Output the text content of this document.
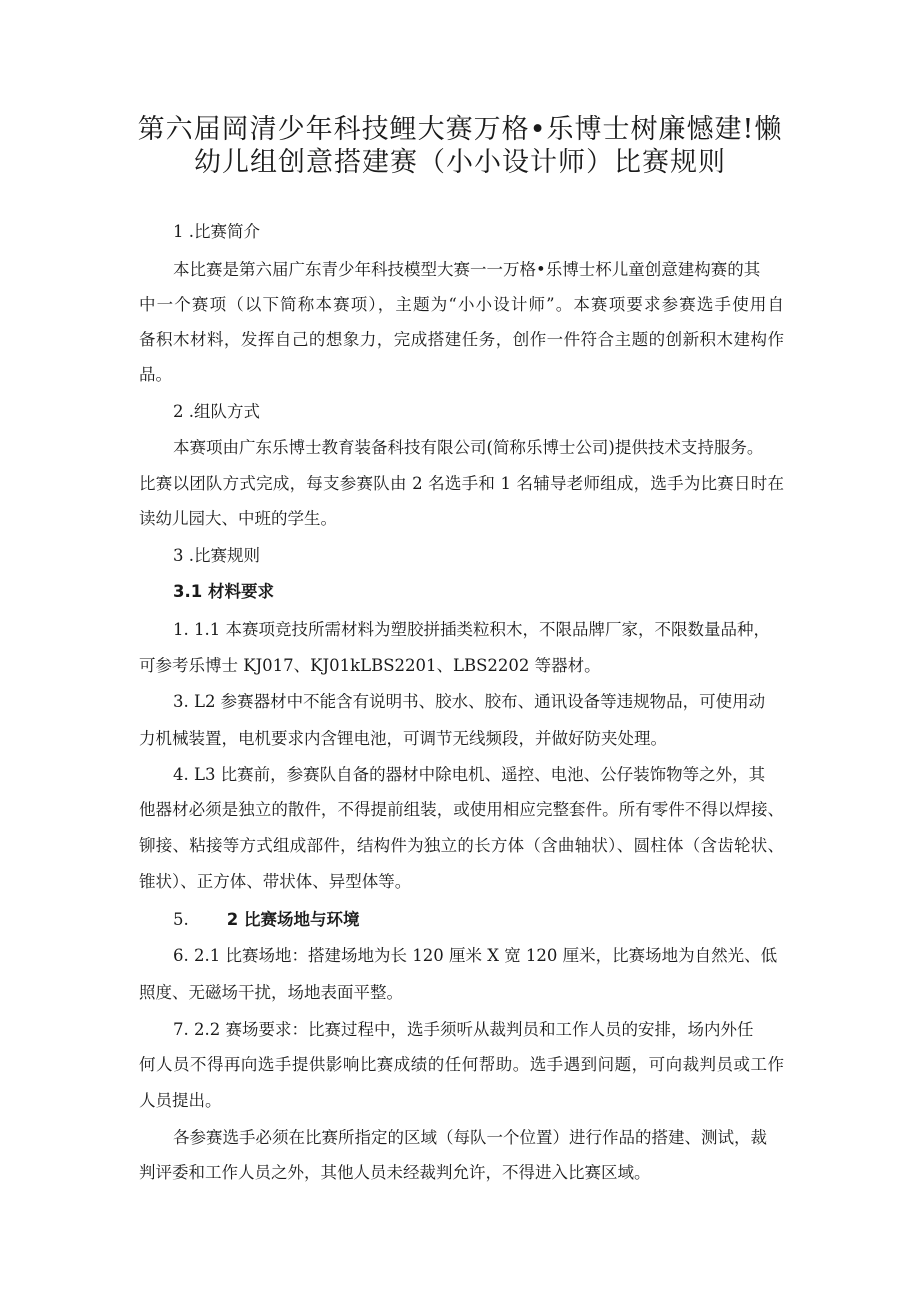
第六届岡清少年科技鲤大赛万格•乐博士树廉憾建!懒
幼儿组创意搭建赛（小小设计师）比赛规则

1 .比赛简介

本比赛是第六届广东青少年科技模型大赛一一万格•乐博士杯儿童创意建构赛的其

中一个赛项（以下简称本赛项），主题为“小小设计师”。本赛项要求参赛选手使用自

备积木材料，发挥自己的想象力，完成搭建任务，创作一件符合主题的创新积木建构作

品。

2 .组队方式

本赛项由广东乐博士教育装备科技有限公司(简称乐博士公司)提供技术支持服务。

比赛以团队方式完成，每支参赛队由 2 名选手和 1 名辅导老师组成，选手为比赛日时在

读幼儿园大、中班的学生。

3 .比赛规则

3.1 材料要求

1. 1.1 本赛项竞技所需材料为塑胶拼插类粒积木，不限品牌厂家，不限数量品种，

可参考乐博士 KJ017、KJ01kLBS2201、LBS2202 等器材。

3. L2 参赛器材中不能含有说明书、胶水、胶布、通讯设备等违规物品，可使用动

力机械装置，电机要求内含锂电池，可调节无线频段，并做好防夹处理。

4. L3 比赛前，参赛队自备的器材中除电机、遥控、电池、公仔装饰物等之外，其

他器材必须是独立的散件，不得提前组装，或使用相应完整套件。所有零件不得以焊接、

铆接、粘接等方式组成部件，结构件为独立的长方体（含曲轴状）、圆柱体（含齿轮状、

锥状）、正方体、带状体、异型体等。

5. 2 比赛场地与环境

6. 2.1 比赛场地：搭建场地为长 120 厘米 X 宽 120 厘米，比赛场地为自然光、低

照度、无磁场干扰，场地表面平整。

7. 2.2 赛场要求：比赛过程中，选手须听从裁判员和工作人员的安排，场内外任

何人员不得再向选手提供影响比赛成绩的任何帮助。选手遇到问题，可向裁判员或工作

人员提出。

各参赛选手必须在比赛所指定的区域（每队一个位置）进行作品的搭建、测试，裁

判评委和工作人员之外，其他人员未经裁判允许，不得进入比赛区域。
